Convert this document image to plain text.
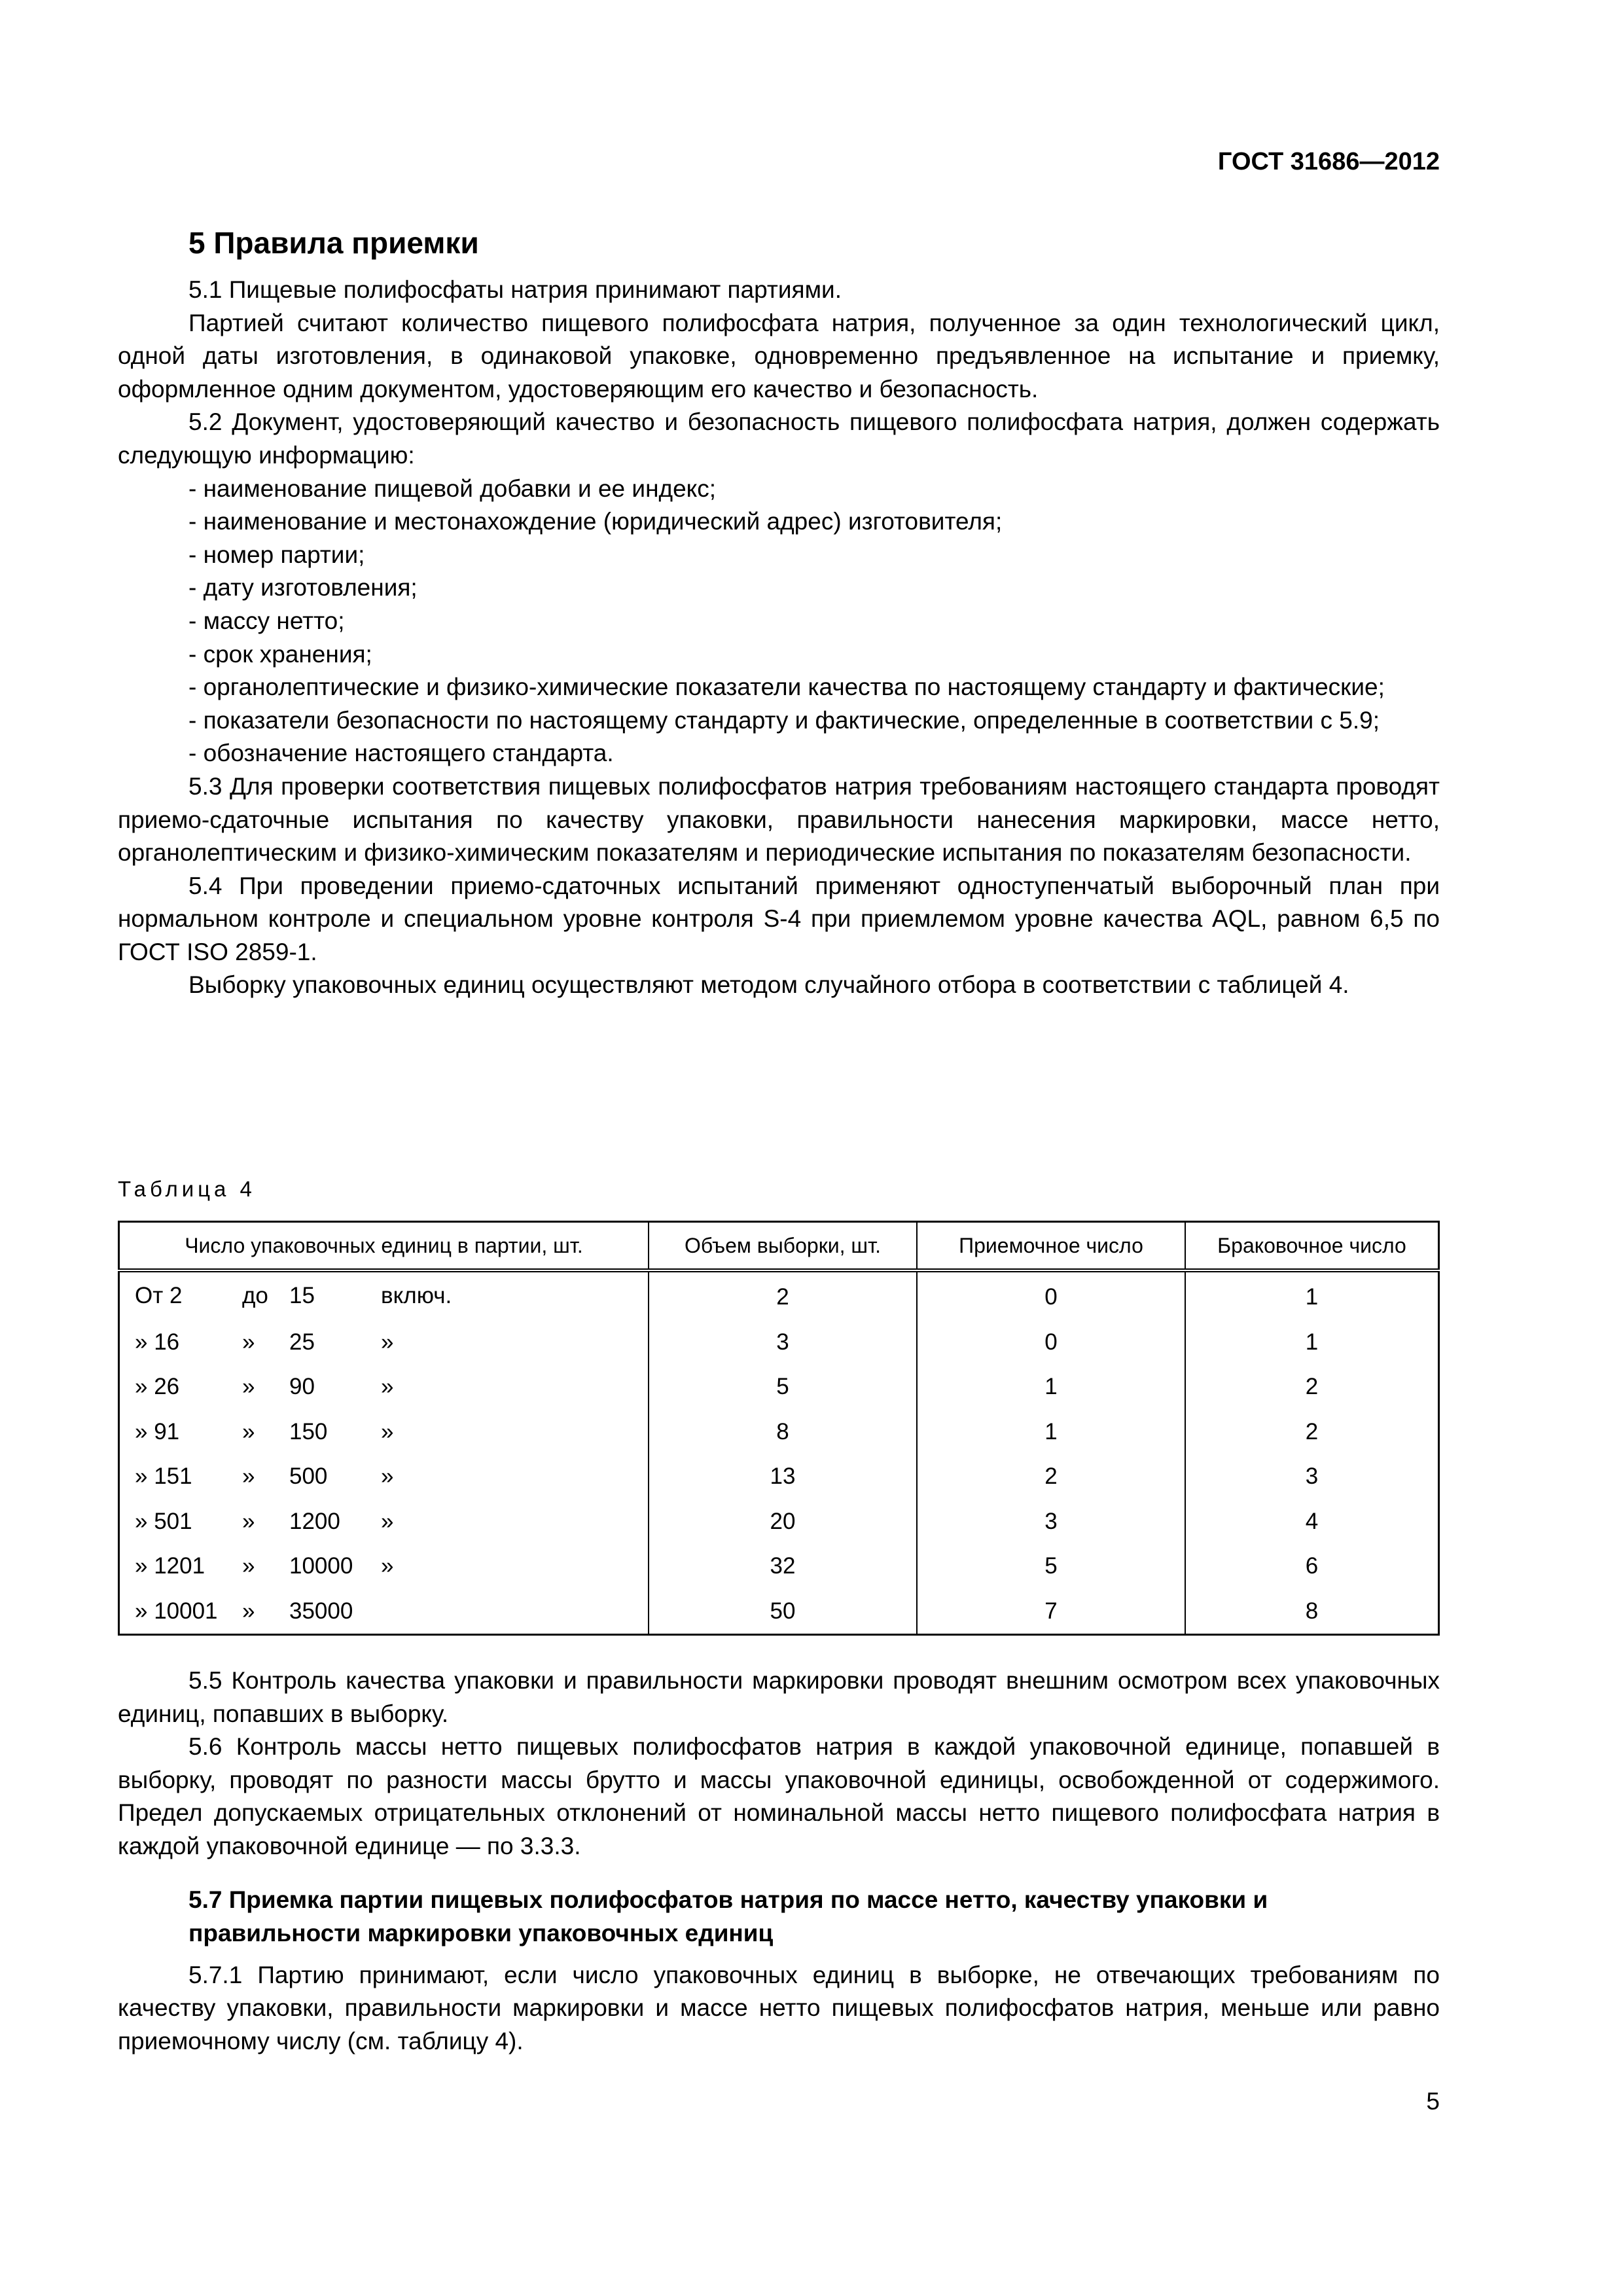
ГОСТ 31686—2012
5 Правила приемки

5.1 Пищевые полифосфаты натрия принимают партиями.

Партией считают количество пищевого полифосфата натрия, полученное за один технологический цикл, одной даты изготовления, в одинаковой упаковке, одновременно предъявленное на испытание и приемку, оформленное одним документом, удостоверяющим его качество и безопасность.

5.2 Документ, удостоверяющий качество и безопасность пищевого полифосфата натрия, должен содержать следующую информацию:

- наименование пищевой добавки и ее индекс;

- наименование и местонахождение (юридический адрес) изготовителя;

- номер партии;

- дату изготовления;

- массу нетто;

- срок хранения;

- органолептические и физико-химические показатели качества по настоящему стандарту и фактические;

- показатели безопасности по настоящему стандарту и фактические, определенные в соответствии с 5.9;

- обозначение настоящего стандарта.

5.3 Для проверки соответствия пищевых полифосфатов натрия требованиям настоящего стандарта проводят приемо-сдаточные испытания по качеству упаковки, правильности нанесения маркировки, массе нетто, органолептическим и физико-химическим показателям и периодические испытания по показателям безопасности.

5.4 При проведении приемо-сдаточных испытаний применяют одноступенчатый выборочный план при нормальном контроле и специальном уровне контроля S-4 при приемлемом уровне качества AQL, равном 6,5 по ГОСТ ISO 2859-1.

Выборку упаковочных единиц осуществляют методом случайного отбора в соответствии с таблицей 4.

Таблица 4
Число упаковочных единиц в партии, шт.	Объем выборки, шт.	Приемочное число	Браковочное число

От 2 до 15 включ.	2	0	1

» 16 » 25 »	3	0	1

» 26 » 90 »	5	1	2

» 91 » 150 »	8	1	2

» 151 » 500 »	13	2	3

» 501 » 1200 »	20	3	4

» 1201 » 10000 »	32	5	6

» 10001 » 35000	50	7	8

5.5 Контроль качества упаковки и правильности маркировки проводят внешним осмотром всех упаковочных единиц, попавших в выборку.

5.6 Контроль массы нетто пищевых полифосфатов натрия в каждой упаковочной единице, попавшей в выборку, проводят по разности массы брутто и массы упаковочной единицы, освобожденной от содержимого. Предел допускаемых отрицательных отклонений от номинальной массы нетто пищевого полифосфата натрия в каждой упаковочной единице — по 3.3.3.

5.7 Приемка партии пищевых полифосфатов натрия по массе нетто, качеству упаковки и правильности маркировки упаковочных единиц

5.7.1 Партию принимают, если число упаковочных единиц в выборке, не отвечающих требованиям по качеству упаковки, правильности маркировки и массе нетто пищевых полифосфатов натрия, меньше или равно приемочному числу (см. таблицу 4).

5
